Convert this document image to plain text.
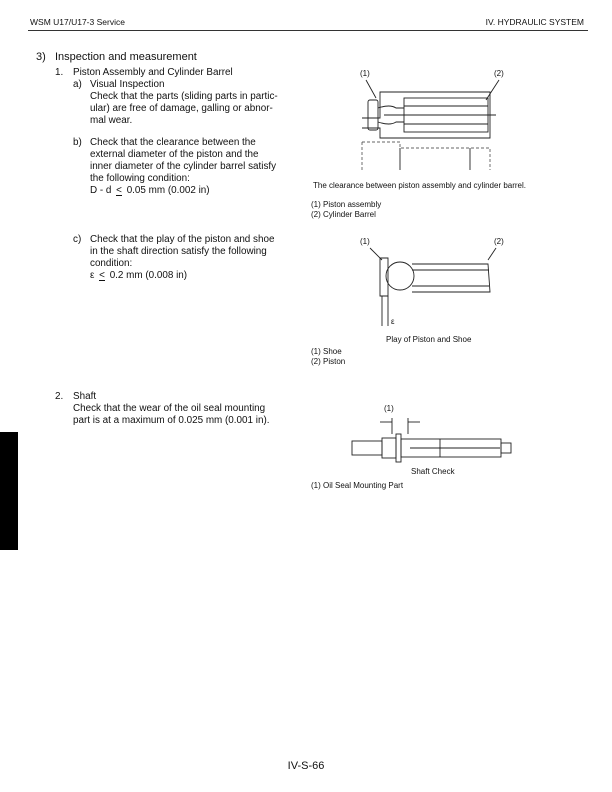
WSM U17/U17-3 Service	IV. HYDRAULIC SYSTEM
3) Inspection and measurement
1. Piston Assembly and Cylinder Barrel
a) Visual Inspection
Check that the parts (sliding parts in partic-
ular) are free of damage, galling or abnor-
mal wear.
b) Check that the clearance between the
external diameter of the piston and the
inner diameter of the cylinder barrel satisfy
the following condition:
D - d < 0.05 mm (0.002 in)
c) Check that the play of the piston and shoe
in the shaft direction satisfy the following
condition:
ε < 0.2 mm (0.008 in)
2. Shaft
Check that the wear of the oil seal mounting
part is at a maximum of 0.025 mm (0.001 in).
(1)	(2)
The clearance between piston assembly and cylinder barrel.
(1) Piston assembly
(2) Cylinder Barrel
(1)	(2)
ε
Play of Piston and Shoe
(1) Shoe
(2) Piston
(1)
Shaft Check
(1) Oil Seal Mounting Part
IV-S-66
